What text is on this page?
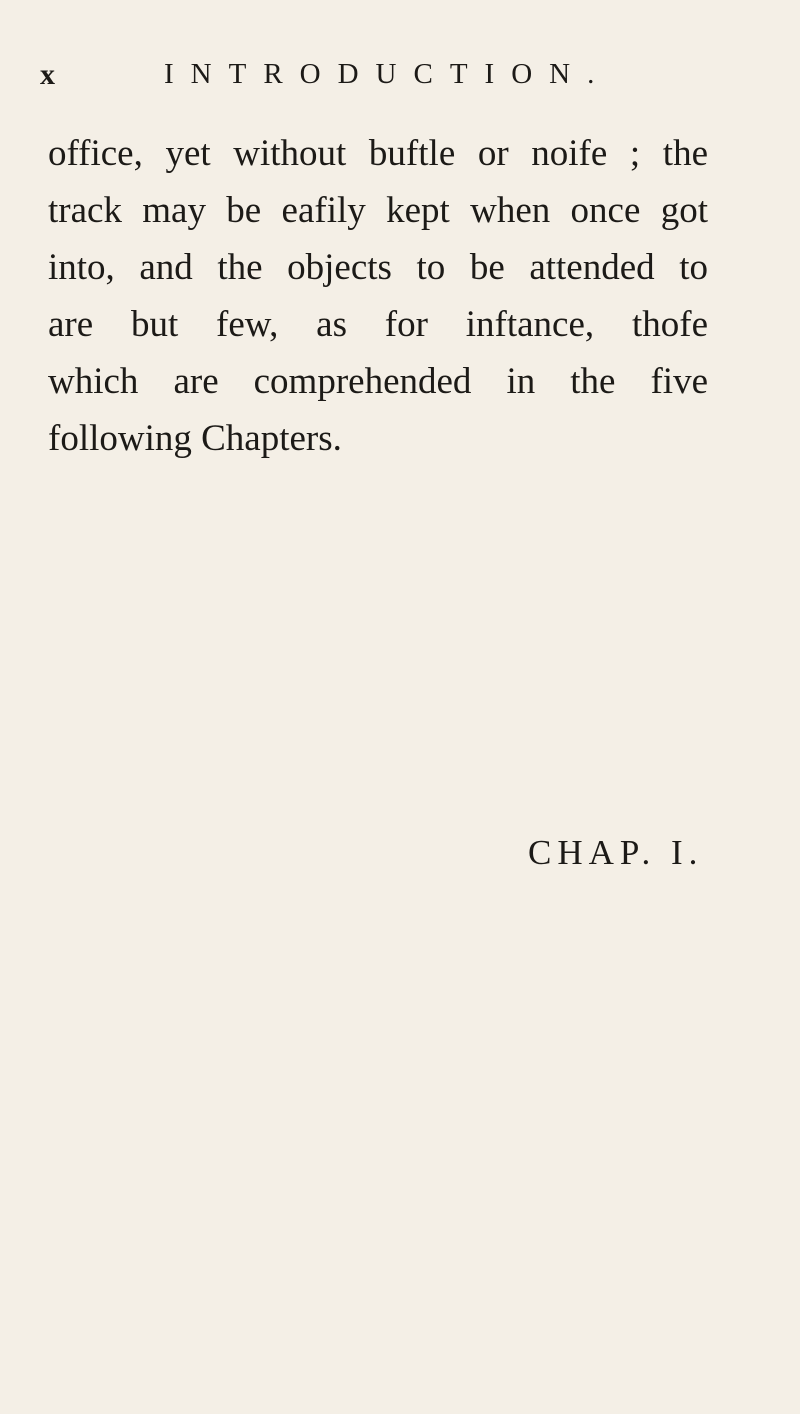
x	INTRODUCTION.
office, yet without buftle or noife ; the
track may be eafily kept when once got
into, and the objects to be attended to
are but few, as for inftance, thofe
which are comprehended in the five
following Chapters.
CHAP. I.
